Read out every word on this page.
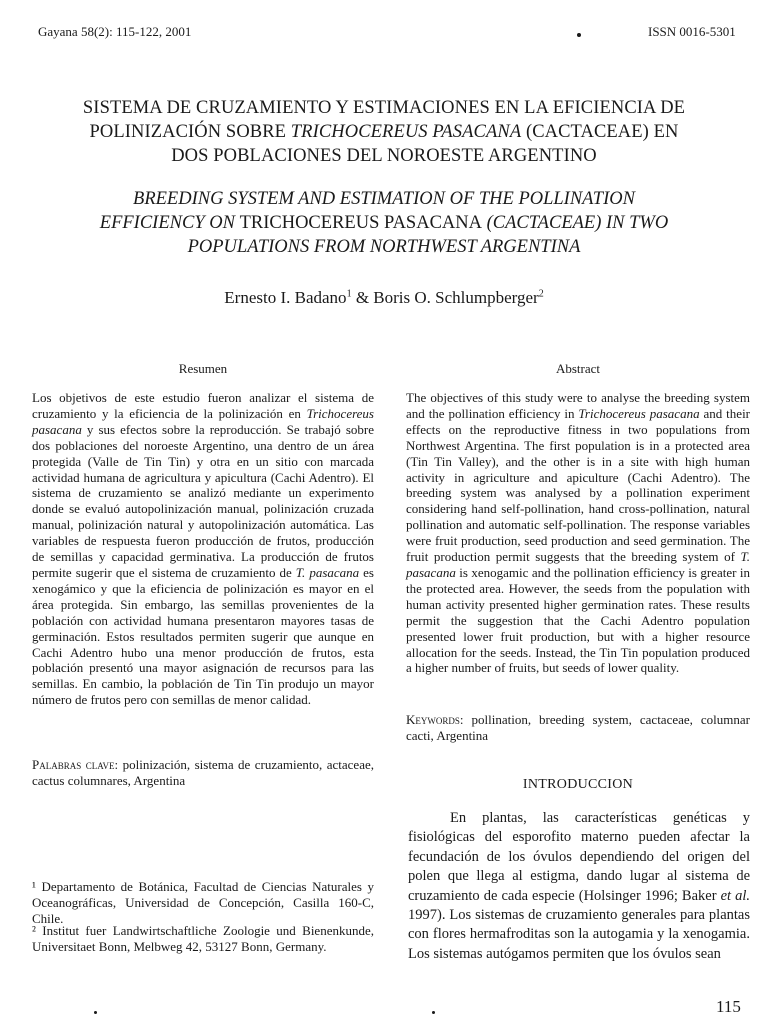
Gayana 58(2): 115-122, 2001	ISSN 0016-5301

SISTEMA DE CRUZAMIENTO Y ESTIMACIONES EN LA EFICIENCIA DE

POLINIZACIÓN SOBRE TRICHOCEREUS PASACANA (CACTACEAE) EN

DOS POBLACIONES DEL NOROESTE ARGENTINO

BREEDING SYSTEM AND ESTIMATION OF THE POLLINATION

EFFICIENCY ON TRICHOCEREUS PASACANA (CACTACEAE) IN TWO

POPULATIONS FROM NORTHWEST ARGENTINA

Ernesto I. Badano$^1$ & Boris O. Schlumpberger$^2$
Resumen

Los objetivos de este estudio fueron analizar el sistema de cruzamiento y la eficiencia de la polinización en Trichocereus pasacana y sus efectos sobre la reproducción. Se trabajó sobre dos poblaciones del noroeste Argentino, una dentro de un área protegida (Valle de Tin Tin) y otra en un sitio con marcada actividad humana de agricultura y apicultura (Cachi Adentro). El sistema de cruzamiento se analizó mediante un experimento donde se evaluó autopolinización manual, polinización cruzada manual, polinización natural y autopolinización automática. Las variables de respuesta fueron producción de frutos, producción de semillas y capacidad germinativa. La producción de frutos permite sugerir que el sistema de cruzamiento de T. pasacana es xenogámico y que la eficiencia de polinización es mayor en el área protegida. Sin embargo, las semillas provenientes de la población con actividad humana presentaron mayores tasas de germinación. Estos resultados permiten sugerir que aunque en Cachi Adentro hubo una menor producción de frutos, esta población presentó una mayor asignación de recursos para las semillas. En cambio, la población de Tin Tin produjo un mayor número de frutos pero con semillas de menor calidad.

Palabras clave: polinización, sistema de cruzamiento, actaceae, cactus columnares, Argentina

¹ Departamento de Botánica, Facultad de Ciencias Naturales y Oceanográficas, Universidad de Concepción, Casilla 160-C, Chile.

² Institut fuer Landwirtschaftliche Zoologie und Bienenkunde, Universitaet Bonn, Melbweg 42, 53127 Bonn, Germany.

Abstract

The objectives of this study were to analyse the breeding system and the pollination efficiency in Trichocereus pasacana and their effects on the reproductive fitness in two populations from Northwest Argentina. The first population is in a protected area (Tin Tin Valley), and the other is in a site with high human activity in agriculture and apiculture (Cachi Adentro). The breeding system was analysed by a pollination experiment considering hand self-pollination, hand cross-pollination, natural pollination and automatic self-pollination. The response variables were fruit production, seed production and seed germination. The fruit production permit suggests that the breeding system of T. pasacana is xenogamic and the pollination efficiency is greater in the protected area. However, the seeds from the population with human activity presented higher germination rates. These results permit the suggestion that the Cachi Adentro population presented lower fruit production, but with a higher resource allocation for the seeds. Instead, the Tin Tin population produced a higher number of fruits, but seeds of lower quality.

Keywords: pollination, breeding system, cactaceae, columnar cacti, Argentina

INTRODUCCION

En plantas, las características genéticas y fisiológicas del esporofito materno pueden afectar la fecundación de los óvulos dependiendo del origen del polen que llega al estigma, dando lugar al sistema de cruzamiento de cada especie (Holsinger 1996; Baker et al. 1997). Los sistemas de cruzamiento generales para plantas con flores hermafroditas son la autogamia y la xenogamia. Los sistemas autógamos permiten que los óvulos sean

115
